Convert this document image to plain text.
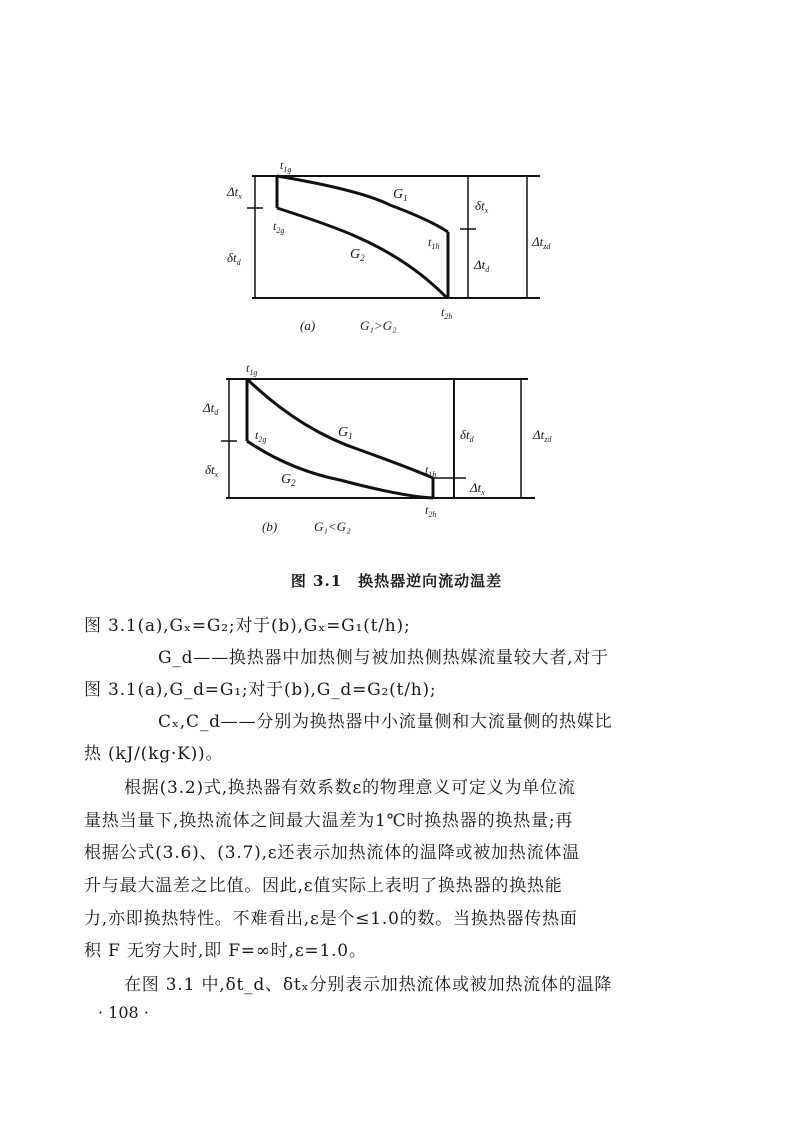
$t_{1g}$
$t_{2g}$
$t_{1h}$
$t_{2h}$
$G_1$
$G_2$
$\Delta t_x$
$\delta t_d$
$\delta t_x$
$\Delta t_d$
$\Delta t_{zd}$
(a)	G₁>G₂
$t_{1g}$
$t_{2g}$
$t_{1h}$
$t_{2h}$
$G_1$
$G_2$
$\Delta t_d$
$\delta t_x$
$\delta t_d$
$\Delta t_x$
$\Delta t_{zd}$
(b)	G₁<G₂
图 3.1　换热器逆向流动温差
图 3.1(a),Gₓ=G₂;对于(b),Gₓ=G₁(t/h);
G_d——换热器中加热侧与被加热侧热媒流量较大者,对于
图 3.1(a),G_d=G₁;对于(b),G_d=G₂(t/h);
Cₓ,C_d——分别为换热器中小流量侧和大流量侧的热媒比
热 (kJ/(kg·K))。
根据(3.2)式,换热器有效系数ε的物理意义可定义为单位流
量热当量下,换热流体之间最大温差为1℃时换热器的换热量;再
根据公式(3.6)、(3.7),ε还表示加热流体的温降或被加热流体温
升与最大温差之比值。因此,ε值实际上表明了换热器的换热能
力,亦即换热特性。不难看出,ε是个≤1.0的数。当换热器传热面
积 F 无穷大时,即 F=∞时,ε=1.0。
在图 3.1 中,δt_d、δtₓ分别表示加热流体或被加热流体的温降
· 108 ·
